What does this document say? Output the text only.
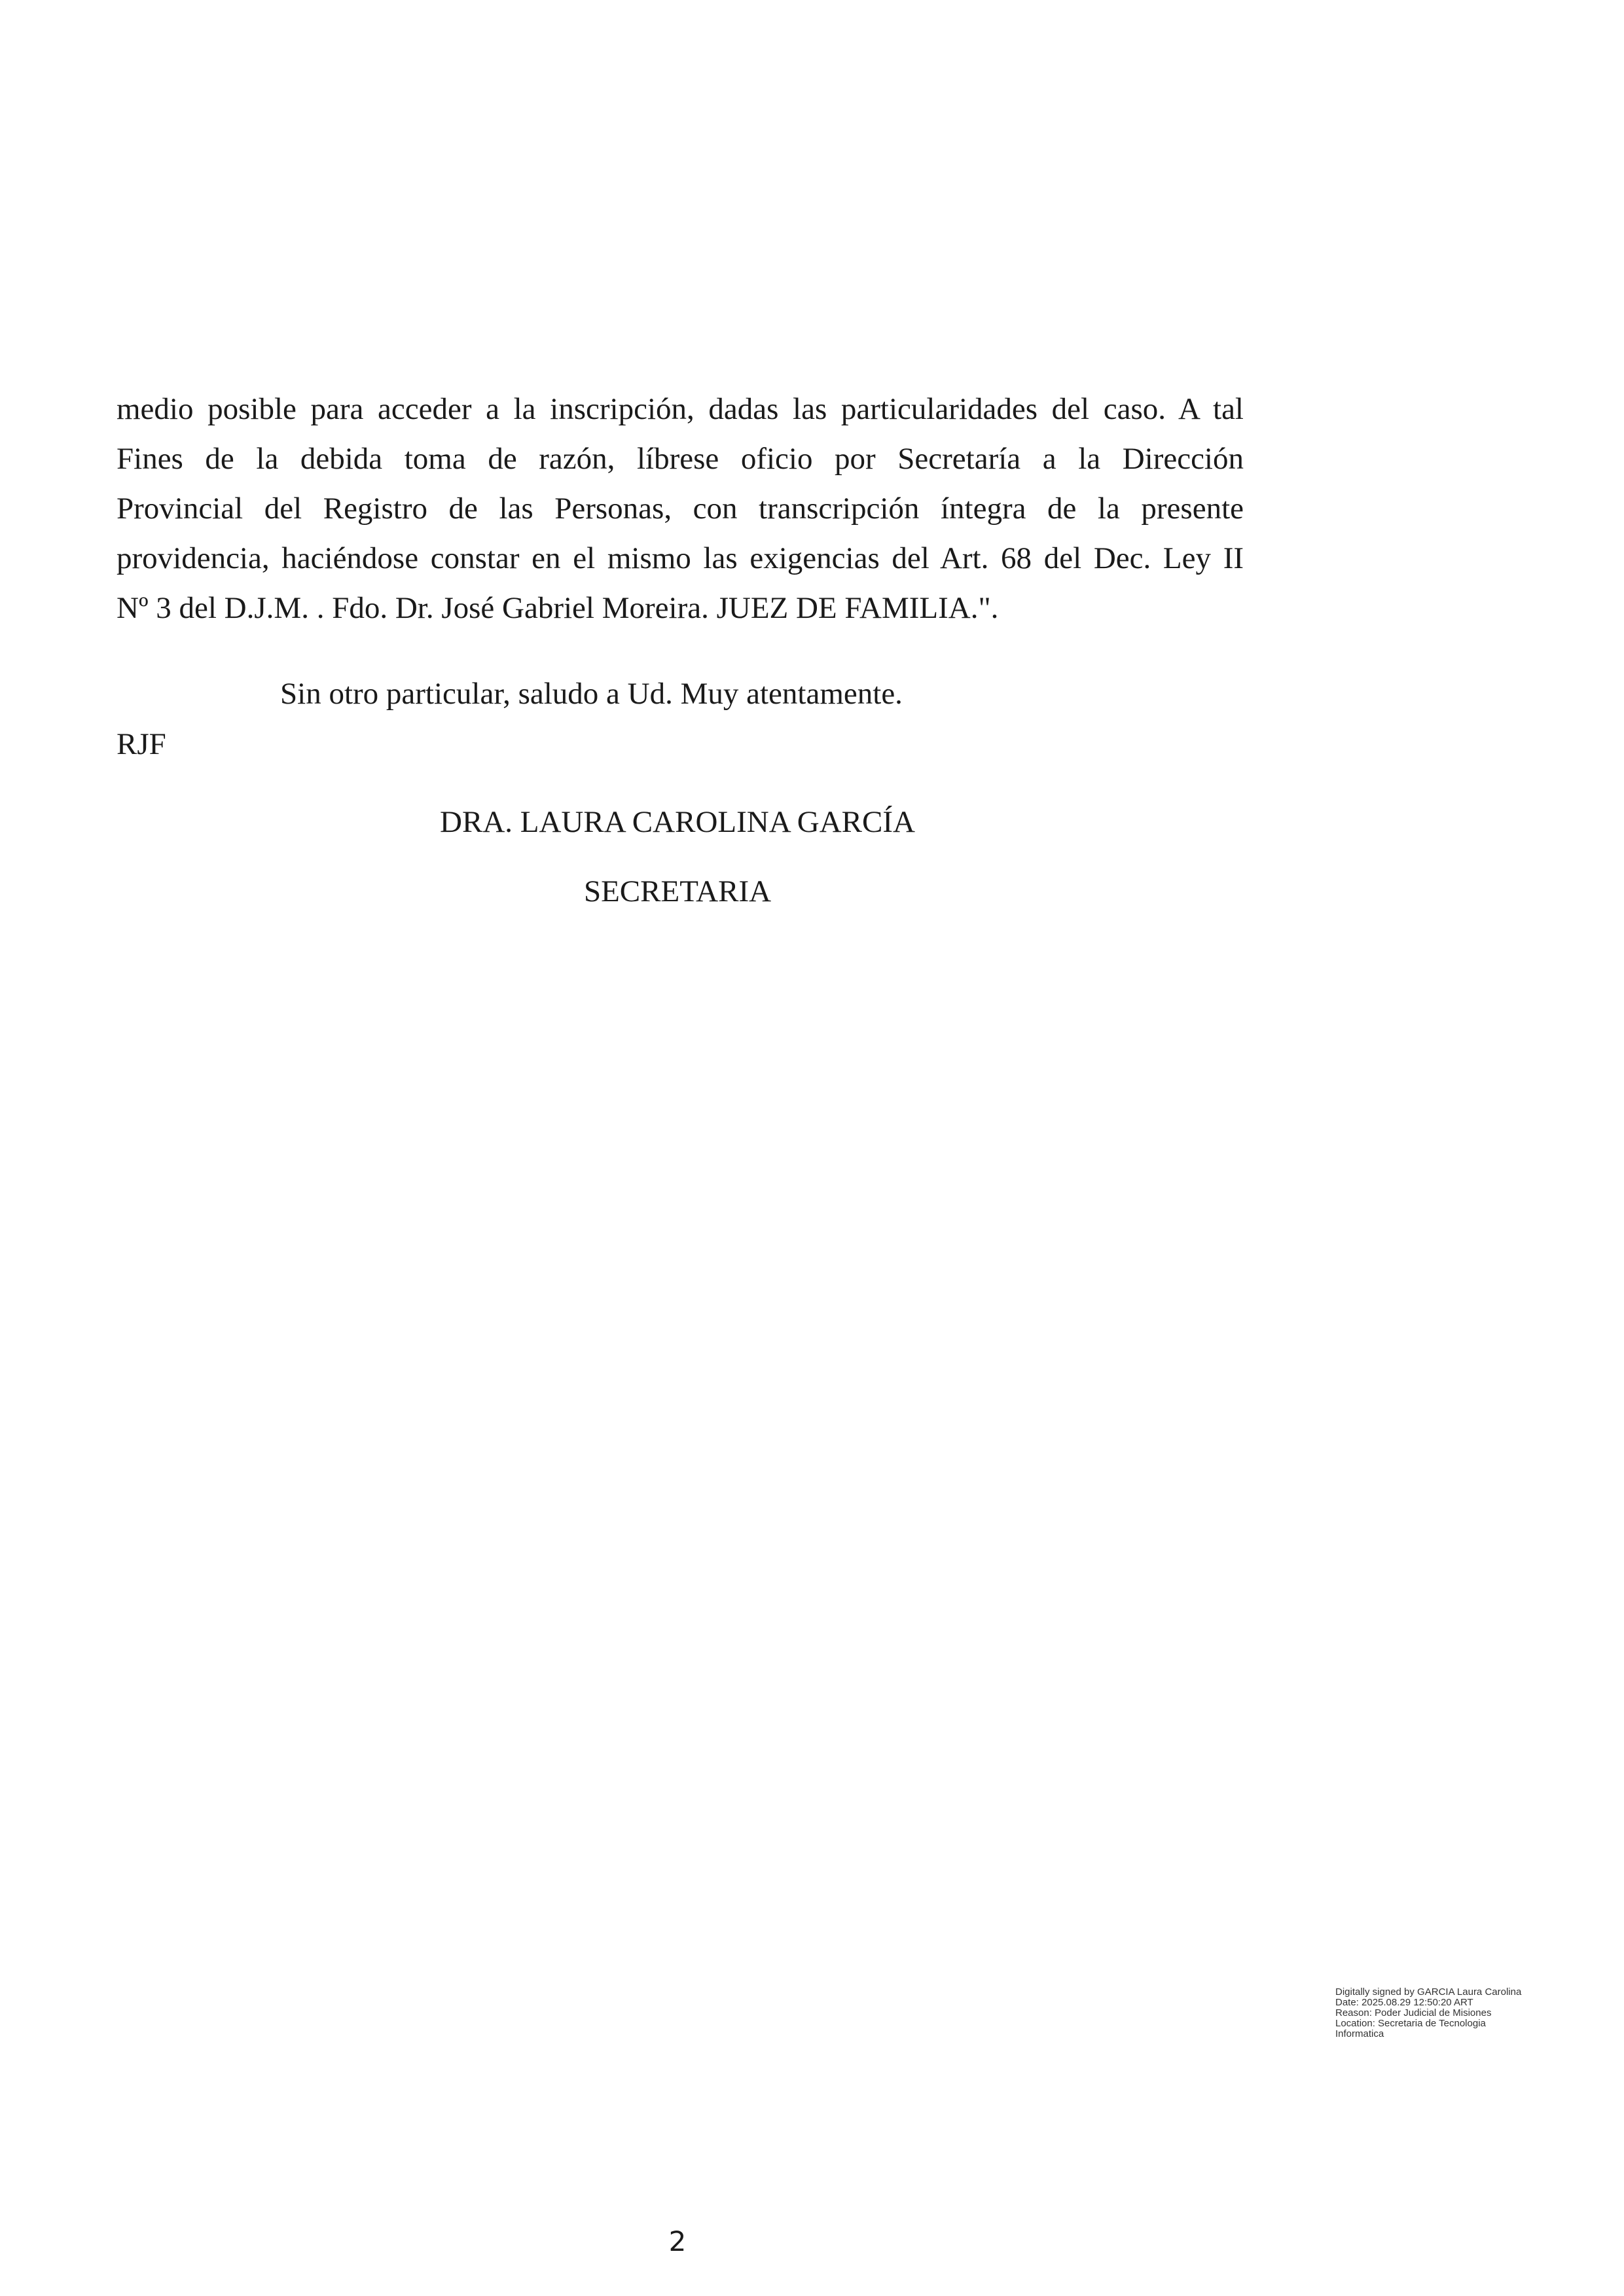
medio posible para acceder a la inscripción, dadas las particularidades del caso. A tal
Fines de la debida toma de razón, líbrese oficio por Secretaría a la Dirección
Provincial del Registro de las Personas, con transcripción íntegra de la presente
providencia, haciéndose constar en el mismo las exigencias del Art. 68 del Dec. Ley II
Nº 3 del D.J.M. . Fdo. Dr. José Gabriel Moreira. JUEZ DE FAMILIA.".

Sin otro particular, saludo a Ud. Muy atentamente.

RJF

DRA. LAURA CAROLINA GARCÍA

SECRETARIA

Digitally signed by GARCIA Laura Carolina
Date: 2025.08.29 12:50:20 ART
Reason: Poder Judicial de Misiones
Location: Secretaria de Tecnologia
Informatica

2
